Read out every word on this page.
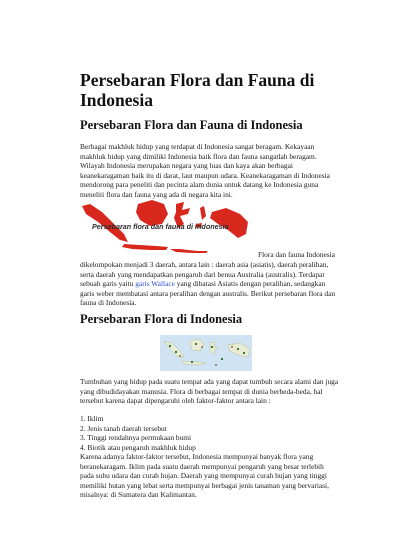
Persebaran Flora dan Fauna di Indonesia
Persebaran Flora dan Fauna di Indonesia

Berbagai makhluk hidup yang terdapat di Indonesia sangat beragam. Kekayaan makhluk hidup yang dimiliki Indonesia baik flora dan fauna sangatlah beragam. Wilayah Indonesia merupakan negara yang luas dan kaya akan berbagai keanekaragaman baik itu di darat, laut maupun udara. Keanekaragaman di Indonesia mendorong para peneliti dan pecinta alam dunia untuk datang ke Indonesia guna meneliti flora dan fauna yang ada di negara kita ini.

Persebaran flora dan fauna di indonesia

Flora dan fauna Indonesia

dikelompokan menjadi 3 daerah, antara lain : daerah asia (asiatis), daerah peralihan, serta daerah yang mendapatkan pengaruh dari benua Australia (australis). Terdapat sebuah garis yaitu garis Wallace yang dibatasi Asiatis dengan peralihan, sedangkan garis weber membatasi antara peralihan dengan australis. Berikut persebaran flora dan fauna di Indonesia.

Persebaran Flora di Indonesia

Tumbuhan yang hidup pada suatu tempat ada yang dapat tumbuh secara alami dan juga yang dibudidayakan manusia. Flora di berbagai tempat di dunia berbeda-beda, hal tersebut karena dapat dipengaruhi oleh faktor-faktor antara lain :

1. Iklim
2. Jenis tanah daerah tersebut
3. Tinggi rendahnya permukaan bumi
4. Biotik atau pengaruh makhluk hidup

Karena adanya faktor-faktor tersebut, Indonesia mempunyai banyak flora yang beranekaragam. Iklim pada suatu daerah mempunyai pengaruh yang besar terlebih pada suhu udara dan curah hujan. Daerah yang mempunyai curah hujan yang tinggi memiliki hutan yang lebat serta mempunyai berbagai jenis tanaman yang bervariasi, misalnya: di Sumatera dan Kalimantan.
